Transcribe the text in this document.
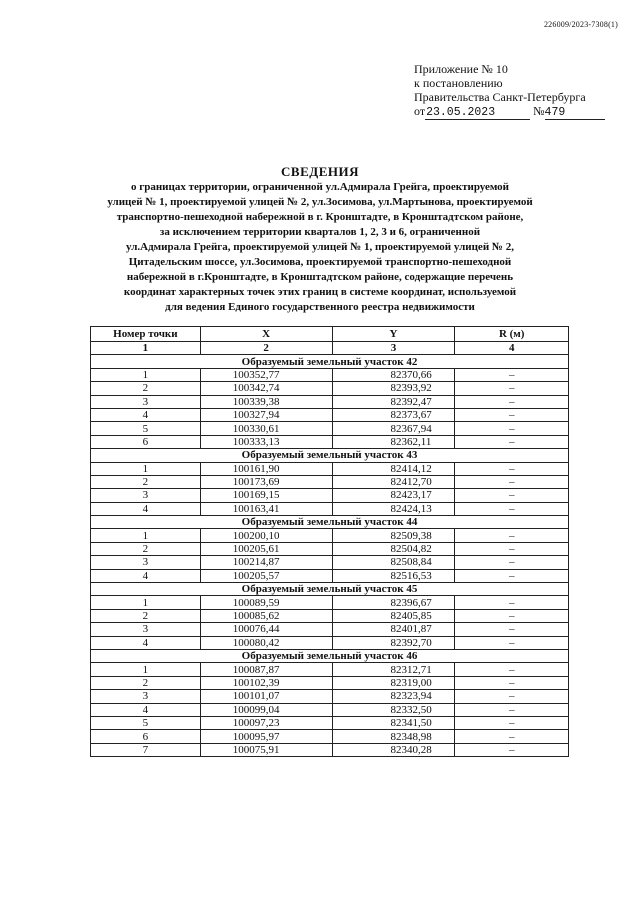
226009/2023-7308(1)
Приложение № 10
к постановлению
Правительства Санкт-Петербурга
от23.05.2023	№479
СВЕДЕНИЯ
о границах территории, ограниченной ул.Адмирала Грейга, проектируемой
улицей № 1, проектируемой улицей № 2, ул.Зосимова, ул.Мартынова, проектируемой
транспортно-пешеходной набережной в г. Кронштадте, в Кронштадтском районе,
за исключением территории кварталов 1, 2, 3 и 6, ограниченной
ул.Адмирала Грейга, проектируемой улицей № 1, проектируемой улицей № 2,
Цитадельским шоссе, ул.Зосимова, проектируемой транспортно-пешеходной
набережной в г.Кронштадте, в Кронштадтском районе, содержащие перечень
координат характерных точек этих границ в системе координат, используемой
для ведения Единого государственного реестра недвижимости
Номер точки	X	Y	R (м)
1	2	3	4
Образуемый земельный участок 42			
1	100352,77	82370,66	–
2	100342,74	82393,92	–
3	100339,38	82392,47	–
4	100327,94	82373,67	–
5	100330,61	82367,94	–
6	100333,13	82362,11	–
Образуемый земельный участок 43			
1	100161,90	82414,12	–
2	100173,69	82412,70	–
3	100169,15	82423,17	–
4	100163,41	82424,13	–
Образуемый земельный участок 44			
1	100200,10	82509,38	–
2	100205,61	82504,82	–
3	100214,87	82508,84	–
4	100205,57	82516,53	–
Образуемый земельный участок 45			
1	100089,59	82396,67	–
2	100085,62	82405,85	–
3	100076,44	82401,87	–
4	100080,42	82392,70	–
Образуемый земельный участок 46			
1	100087,87	82312,71	–
2	100102,39	82319,00	–
3	100101,07	82323,94	–
4	100099,04	82332,50	–
5	100097,23	82341,50	–
6	100095,97	82348,98	–
7	100075,91	82340,28	–
